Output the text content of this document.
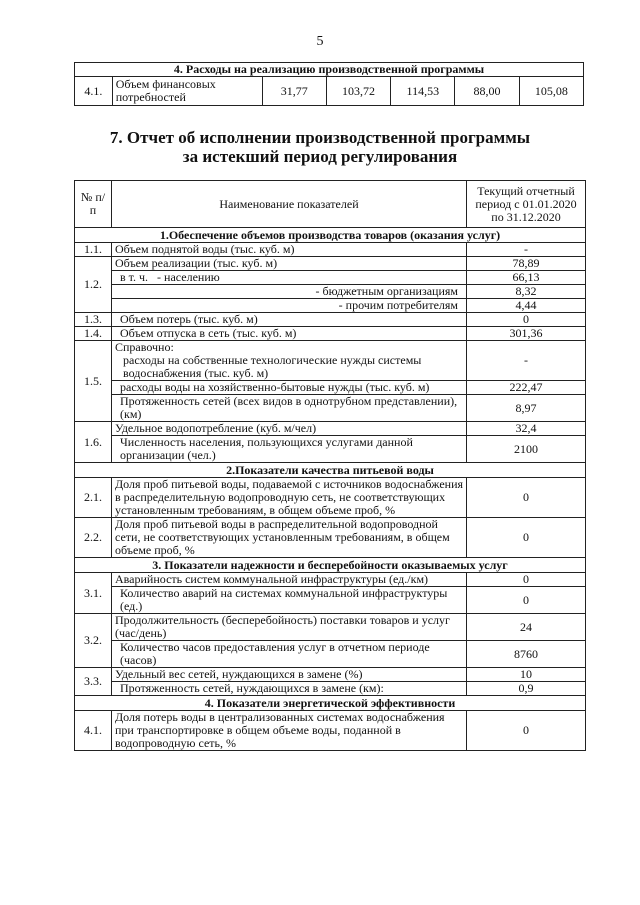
5
4. Расходы на реализацию производственной программы
4.1.	Объем финансовых потребностей	31,77	103,72	114,53	88,00	105,08
7. Отчет об исполнении производственной программы
за истекший период регулирования
№ п/п	Наименование показателей	Текущий отчетный период с 01.01.2020 по 31.12.2020
1.Обеспечение объемов производства товаров (оказания услуг)		
1.1.	Объем поднятой воды (тыс. куб. м)	-
1.2.	Объем реализации (тыс. куб. м)	78,89
	в т. ч. - населению	66,13
	- бюджетным организациям	8,32
	- прочим потребителям	4,44
1.3.	Объем потерь (тыс. куб. м)	0
1.4.	Объем отпуска в сеть (тыс. куб. м)	301,36
1.5.	Справочно:
расходы на собственные технологические нужды системы водоснабжения (тыс. куб. м)	-
	расходы воды на хозяйственно-бытовые нужды (тыс. куб. м)	222,47
	Протяженность сетей (всех видов в однотрубном представлении), (км)	8,97
1.6.	Удельное водопотребление (куб. м/чел)	32,4
	Численность населения, пользующихся услугами данной организации (чел.)	2100
2.Показатели качества питьевой воды		
2.1.	Доля проб питьевой воды, подаваемой с источников водоснабжения в распределительную водопроводную сеть, не соответствующих установленным требованиям, в общем объеме проб, %	0
2.2.	Доля проб питьевой воды в распределительной водопроводной сети, не соответствующих установленным требованиям, в общем объеме проб, %	0
3. Показатели надежности и бесперебойности оказываемых услуг		
3.1.	Аварийность систем коммунальной инфраструктуры (ед./км)	0
	Количество аварий на системах коммунальной инфраструктуры (ед.)	0
3.2.	Продолжительность (бесперебойность) поставки товаров и услуг (час/день)	24
	Количество часов предоставления услуг в отчетном периоде (часов)	8760
3.3.	Удельный вес сетей, нуждающихся в замене (%)	10
	Протяженность сетей, нуждающихся в замене (км):	0,9
4. Показатели энергетической эффективности		
4.1.	Доля потерь воды в централизованных системах водоснабжения при транспортировке в общем объеме воды, поданной в водопроводную сеть, %	0
